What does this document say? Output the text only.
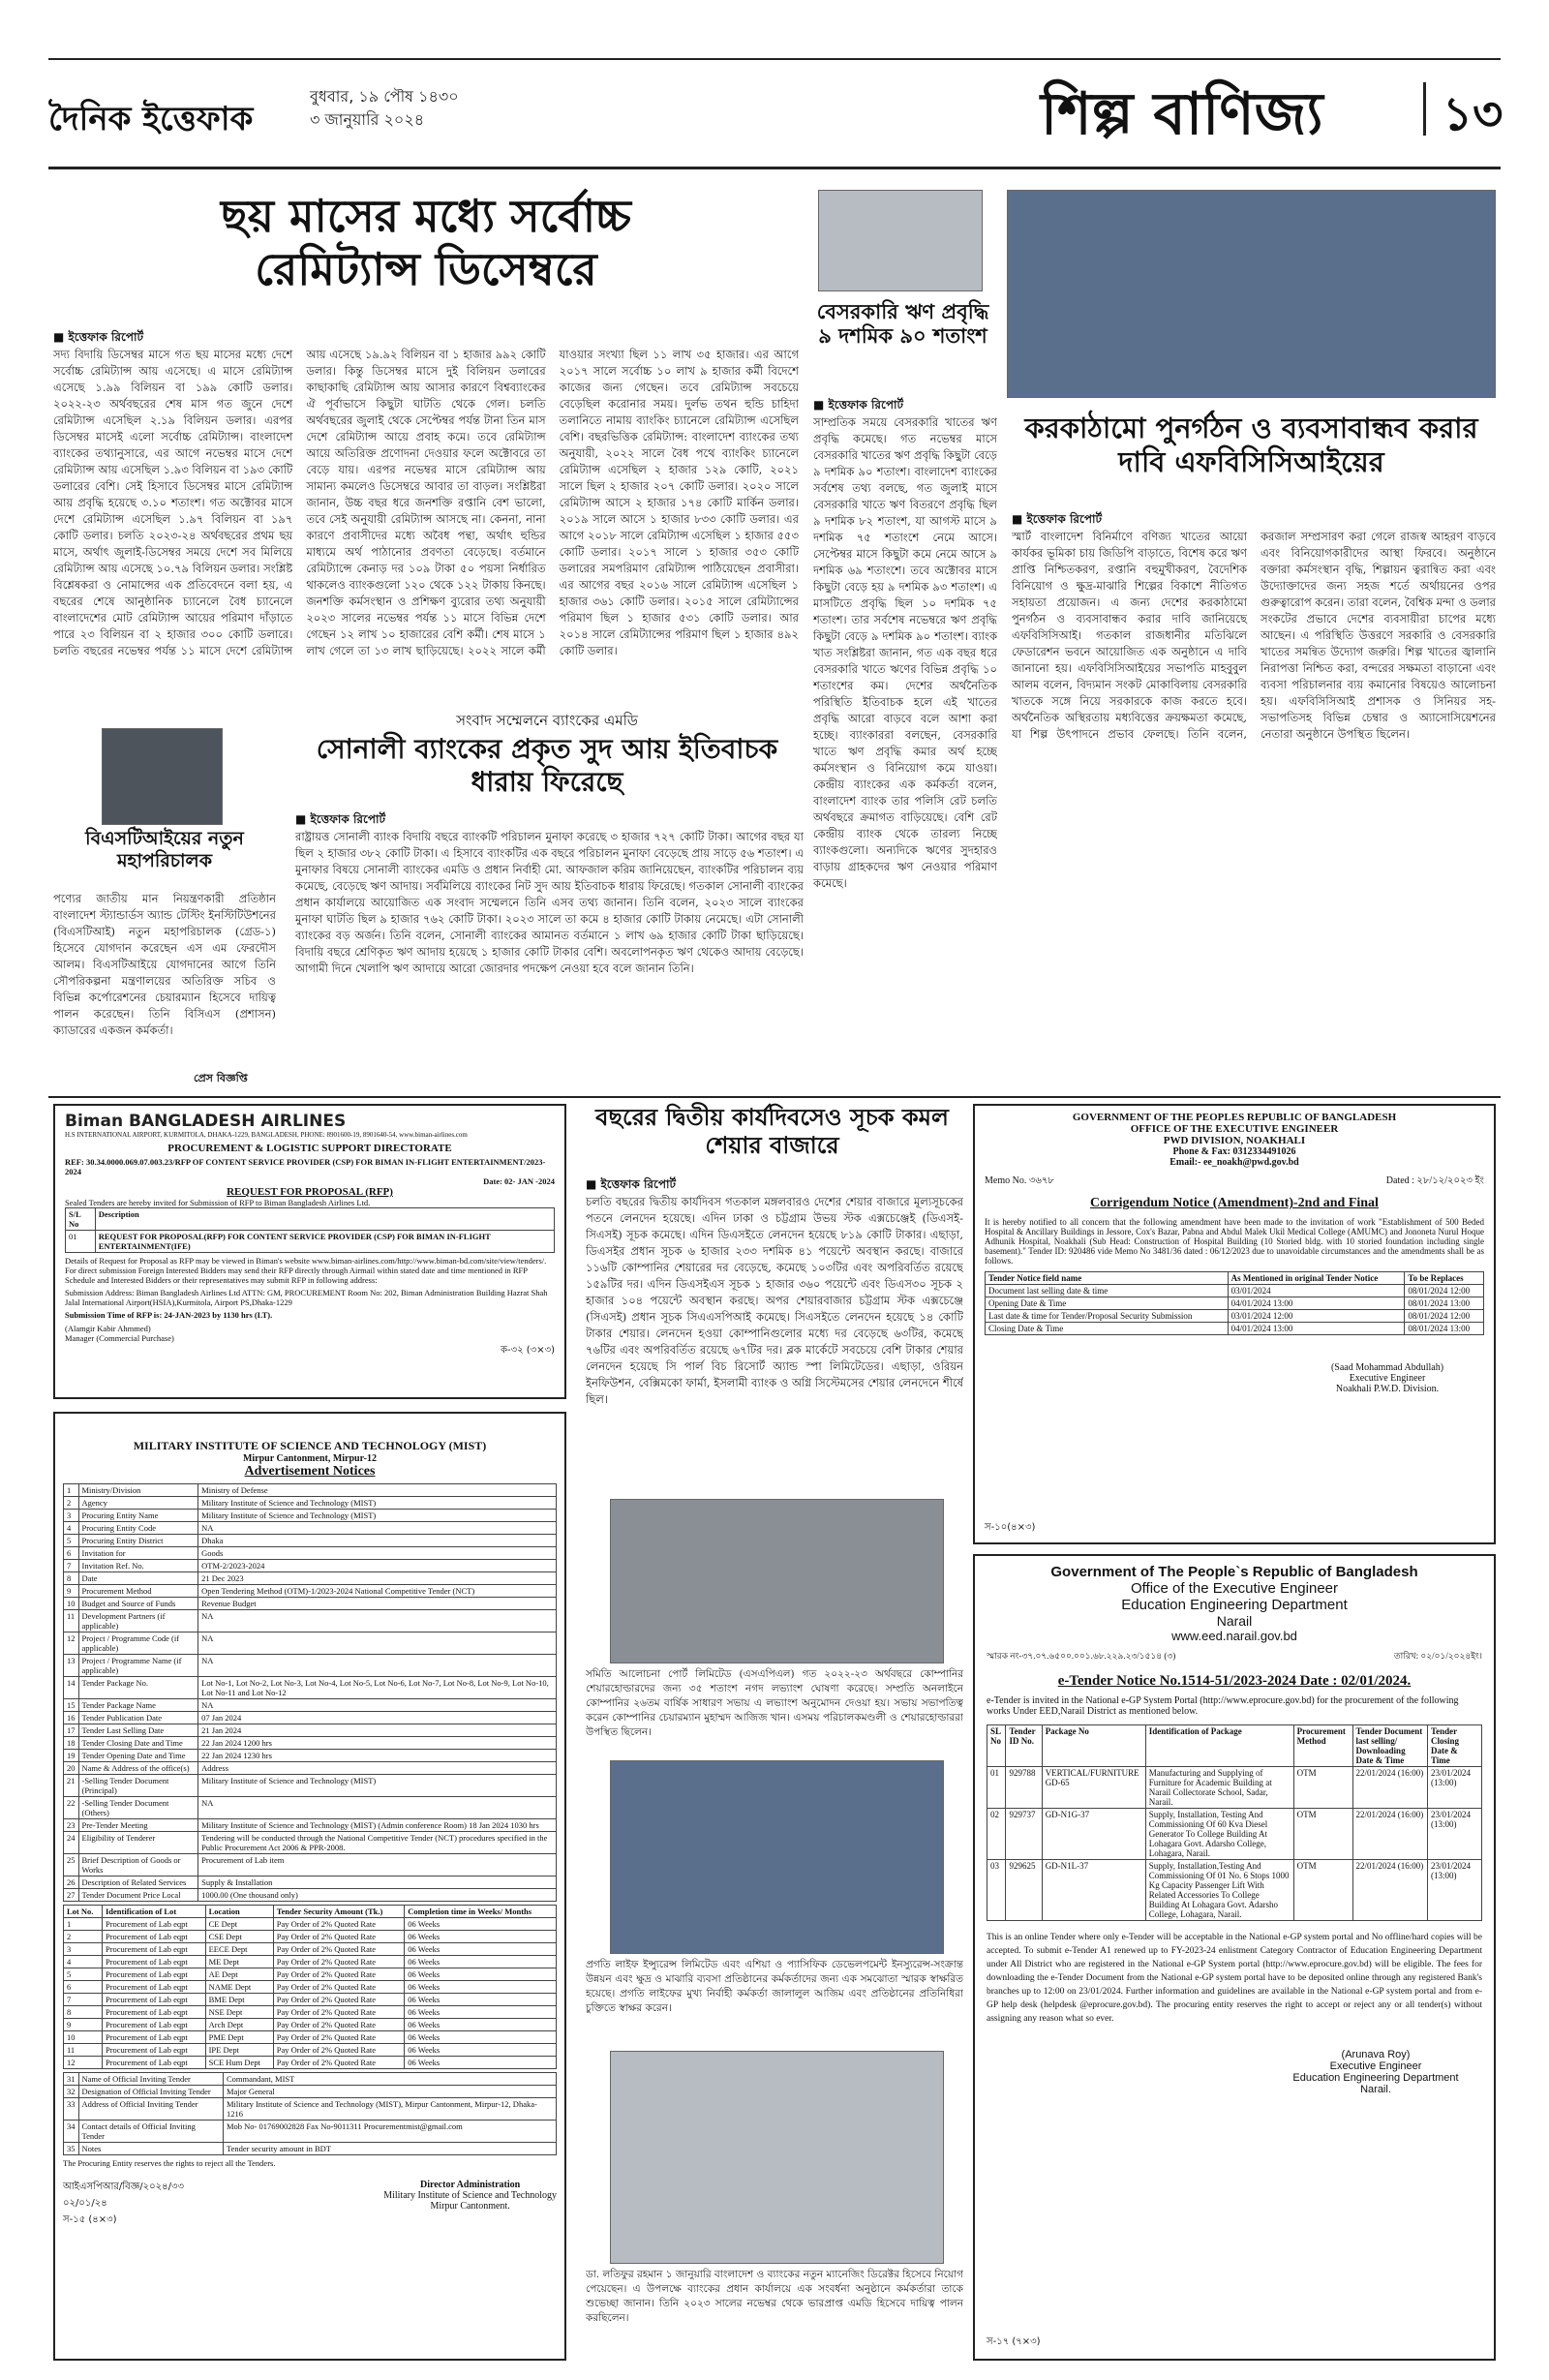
দৈনিক ইত্তেফাক
বুধবার, ১৯ পৌষ ১৪৩০
৩ জানুয়ারি ২০২৪	শিল্প বাণিজ্য	১৩
ছয় মাসের মধ্যে সর্বোচ্চ
রেমিট্যান্স ডিসেম্বরে
■ ইত্তেফাক রিপোর্ট
সদ্য বিদায়ি ডিসেম্বর মাসে গত ছয় মাসের মধ্যে দেশে সর্বোচ্চ রেমিট্যান্স আয় এসেছে। এ মাসে রেমিট্যান্স এসেছে ১.৯৯ বিলিয়ন বা ১৯৯ কোটি ডলার। ২০২২-২৩ অর্থবছরের শেষ মাস গত জুনে দেশে রেমিট্যান্স এসেছিল ২.১৯ বিলিয়ন ডলার। এরপর ডিসেম্বর মাসেই এলো সর্বোচ্চ রেমিট্যান্স। বাংলাদেশ ব্যাংকের তথ্যানুসারে, এর আগে নভেম্বর মাসে দেশে রেমিট্যান্স আয় এসেছিল ১.৯৩ বিলিয়ন বা ১৯৩ কোটি ডলারের বেশি। সেই হিসাবে ডিসেম্বর মাসে রেমিট্যান্স আয় প্রবৃদ্ধি হয়েছে ৩.১০ শতাংশ। গত অক্টোবর মাসে দেশে রেমিট্যান্স এসেছিল ১.৯৭ বিলিয়ন বা ১৯৭ কোটি ডলার। চলতি ২০২৩-২৪ অর্থবছরের প্রথম ছয় মাসে, অর্থাৎ জুলাই-ডিসেম্বর সময়ে দেশে সব মিলিয়ে রেমিট্যান্স আয় এসেছে ১০.৭৯ বিলিয়ন ডলার। সংশ্লিষ্ট বিশ্লেষকরা ও নোমান্সের এক প্রতিবেদনে বলা হয়, এ বছরের শেষে আনুষ্ঠানিক চ্যানেলে বৈধ চ্যানেলে বাংলাদেশের মোট রেমিট্যান্স আয়ের পরিমাণ দাঁড়াতে পারে ২৩ বিলিয়ন বা ২ হাজার ৩০০ কোটি ডলারে। চলতি বছরের নভেম্বর পর্যন্ত ১১ মাসে দেশে রেমিট্যান্স আয় এসেছে ১৯.৯২ বিলিয়ন বা ১ হাজার ৯৯২ কোটি ডলার। কিন্তু ডিসেম্বর মাসে দুই বিলিয়ন ডলারের কাছাকাছি রেমিট্যান্স আয় আসার কারণে বিশ্বব্যাংকের ঐ পূর্বাভাসে কিছুটা ঘাটতি থেকে গেল। চলতি অর্থবছরের জুলাই থেকে সেপ্টেম্বর পর্যন্ত টানা তিন মাস দেশে রেমিট্যান্স আয়ে প্রবাহ কমে। তবে রেমিট্যান্স আয়ে অতিরিক্ত প্রণোদনা দেওয়ার ফলে অক্টোবরে তা বেড়ে যায়। এরপর নভেম্বর মাসে রেমিট্যান্স আয় সামান্য কমলেও ডিসেম্বরে আবার তা বাড়ল। সংশ্লিষ্টরা জানান, উচ্চ বছর ধরে জনশক্তি রপ্তানি বেশ ভালো, তবে সেই অনুযায়ী রেমিট্যান্স আসছে না। কেননা, নানা কারণে প্রবাসীদের মধ্যে অবৈধ পন্থা, অর্থাৎ হুন্ডির মাধ্যমে অর্থ পাঠানোর প্রবণতা বেড়েছে। বর্তমানে রেমিট্যান্সে কেনাড় দর ১০৯ টাকা ৫০ পয়সা নির্ধারিত থাকলেও ব্যাংকগুলো ১২০ থেকে ১২২ টাকায় কিনছে। জনশক্তি কর্মসংস্থান ও প্রশিক্ষণ ব্যুরোর তথ্য অনুযায়ী ২০২৩ সালের নভেম্বর পর্যন্ত ১১ মাসে বিভিন্ন দেশে গেছেন ১২ লাখ ১০ হাজারের বেশি কর্মী। শেষ মাসে ১ লাখ গেলে তা ১৩ লাখ ছাড়িয়েছে। ২০২২ সালে কর্মী যাওয়ার সংখ্যা ছিল ১১ লাখ ৩৫ হাজার। এর আগে ২০১৭ সালে সর্বোচ্চ ১০ লাখ ৯ হাজার কর্মী বিদেশে কাজের জন্য গেছেন। তবে রেমিট্যান্স সবচেয়ে বেড়েছিল করোনার সময়। দুর্লভ তথন হুন্ডি চাহিদা তলানিতে নামায় ব্যাংকিং চ্যানেলে রেমিট্যান্স এসেছিল বেশি। বছরভিত্তিক রেমিট্যান্স: বাংলাদেশ ব্যাংকের তথ্য অনুযায়ী, ২০২২ সালে বৈধ পথে ব্যাংকিং চ্যানেলে রেমিট্যান্স এসেছিল ২ হাজার ১২৯ কোটি, ২০২১ সালে ছিল ২ হাজার ২০৭ কোটি ডলার। ২০২০ সালে রেমিট্যান্স আসে ২ হাজার ১৭৪ কোটি মার্কিন ডলার। ২০১৯ সালে আসে ১ হাজার ৮৩৩ কোটি ডলার। এর আগে ২০১৮ সালে রেমিট্যান্স এসেছিল ১ হাজার ৫৫৩ কোটি ডলার। ২০১৭ সালে ১ হাজার ৩৫৩ কোটি ডলারের সমপরিমাণ রেমিট্যান্স পাঠিয়েছেন প্রবাসীরা। এর আগের বছর ২০১৬ সালে রেমিট্যান্স এসেছিল ১ হাজার ৩৬১ কোটি ডলার। ২০১৫ সালে রেমিট্যান্সের পরিমাণ ছিল ১ হাজার ৫৩১ কোটি ডলার। আর ২০১৪ সালে রেমিট্যান্সের পরিমাণ ছিল ১ হাজার ৪৯২ কোটি ডলার।
বেসরকারি ঋণ প্রবৃদ্ধি ৯ দশমিক ৯০ শতাংশ
■ ইত্তেফাক রিপোর্ট
সাম্প্রতিক সময়ে বেসরকারি খাতের ঋণ প্রবৃদ্ধি কমেছে। গত নভেম্বর মাসে বেসরকারি খাতের ঋণ প্রবৃদ্ধি কিছুটা বেড়ে ৯ দশমিক ৯০ শতাংশ। বাংলাদেশ ব্যাংকের সর্বশেষ তথ্য বলছে, গত জুলাই মাসে বেসরকারি খাতে ঋণ বিতরণে প্রবৃদ্ধি ছিল ৯ দশমিক ৮২ শতাংশ, যা আগস্ট মাসে ৯ দশমিক ৭৫ শতাংশে নেমে আসে। সেপ্টেম্বর মাসে কিছুটা কমে নেমে আসে ৯ দশমিক ৬৯ শতাংশে। তবে অক্টোবর মাসে কিছুটা বেড়ে হয় ৯ দশমিক ৯৩ শতাংশ। এ মাসটিতে প্রবৃদ্ধি ছিল ১০ দশমিক ৭৫ শতাংশ। তার সর্বশেষ নভেম্বরে ঋণ প্রবৃদ্ধি কিছুটা বেড়ে ৯ দশমিক ৯০ শতাংশ। ব্যাংক খাত সংশ্লিষ্টরা জানান, গত এক বছর ধরে বেসরকারি খাতে ঋণের বিভিন্ন প্রবৃদ্ধি ১০ শতাংশের কম। দেশের অর্থনৈতিক পরিস্থিতি ইতিবাচক হলে এই খাতের প্রবৃদ্ধি আরো বাড়বে বলে আশা করা হচ্ছে। ব্যাংকাররা বলছেন, বেসরকারি খাতে ঋণ প্রবৃদ্ধি কমার অর্থ হচ্ছে কর্মসংস্থান ও বিনিয়োগ কমে যাওয়া। কেন্দ্রীয় ব্যাংকের এক কর্মকর্তা বলেন, বাংলাদেশ ব্যাংক তার পলিসি রেট চলতি অর্থবছরে ক্রমাগত বাড়িয়েছে। বেশি রেট কেন্দ্রীয় ব্যাংক থেকে তারল্য নিচ্ছে ব্যাংকগুলো। অন্যদিকে ঋণের সুদহারও বাড়ায় গ্রাহকদের ঋণ নেওয়ার পরিমাণ কমেছে।
করকাঠামো পুনর্গঠন ও ব্যবসাবান্ধব করার দাবি এফবিসিসিআইয়ের
■ ইত্তেফাক রিপোর্ট
স্মার্ট বাংলাদেশ বিনির্মাণে বণিজ্য খাতের আয়ো কার্যকর ভূমিকা চায় জিডিপি বাড়াতে, বিশেষ করে ঋণ প্রাপ্তি নিশ্চিতকরণ, রপ্তানি বহুমুখীকরণ, বৈদেশিক বিনিয়োগ ও ক্ষুদ্র-মাঝারি শিল্পের বিকাশে নীতিগত সহায়তা প্রয়োজন। এ জন্য দেশের করকাঠামো পুনর্গঠন ও ব্যবসাবান্ধব করার দাবি জানিয়েছে এফবিসিসিআই। গতকাল রাজধানীর মতিঝিলে ফেডারেশন ভবনে আয়োজিত এক অনুষ্ঠানে এ দাবি জানানো হয়। এফবিসিসিআইয়ের সভাপতি মাহবুবুল আলম বলেন, বিদ্যমান সংকট মোকাবিলায় বেসরকারি খাতকে সঙ্গে নিয়ে সরকারকে কাজ করতে হবে। অর্থনৈতিক অস্থিরতায় মধ্যবিত্তের ক্রয়ক্ষমতা কমেছে, যা শিল্প উৎপাদনে প্রভাব ফেলছে। তিনি বলেন, করজাল সম্প্রসারণ করা গেলে রাজস্ব আহরণ বাড়বে এবং বিনিয়োগকারীদের আস্থা ফিরবে। অনুষ্ঠানে বক্তারা কর্মসংস্থান বৃদ্ধি, শিল্পায়ন ত্বরান্বিত করা এবং উদ্যোক্তাদের জন্য সহজ শর্তে অর্থায়নের ওপর গুরুত্বারোপ করেন। তারা বলেন, বৈশ্বিক মন্দা ও ডলার সংকটের প্রভাবে দেশের ব্যবসায়ীরা চাপের মধ্যে আছেন। এ পরিস্থিতি উত্তরণে সরকারি ও বেসরকারি খাতের সমন্বিত উদ্যোগ জরুরি। শিল্প খাতের জ্বালানি নিরাপত্তা নিশ্চিত করা, বন্দরের সক্ষমতা বাড়ানো এবং ব্যবসা পরিচালনার ব্যয় কমানোর বিষয়েও আলোচনা হয়। এফবিসিসিআই প্রশাসক ও সিনিয়র সহ-সভাপতিসহ বিভিন্ন চেম্বার ও অ্যাসোসিয়েশনের নেতারা অনুষ্ঠানে উপস্থিত ছিলেন।
বিএসটিআইয়ের নতুন মহাপরিচালক
পণ্যের জাতীয় মান নিয়ন্ত্রণকারী প্রতিষ্ঠান বাংলাদেশ স্ট্যান্ডার্ডস অ্যান্ড টেস্টিং ইনস্টিটিউশনের (বিএসটিআই) নতুন মহাপরিচালক (গ্রেড-১) হিসেবে যোগদান করেছেন এস এম ফেরদৌস আলম। বিএসটিআইয়ে যোগদানের আগে তিনি সৌপরিকল্পনা মন্ত্রণালয়ের অতিরিক্ত সচিব ও বিভিন্ন কর্পোরেশনের চেয়ারম্যান হিসেবে দায়িত্ব পালন করেছেন। তিনি বিসিএস (প্রশাসন) ক্যাডারের একজন কর্মকর্তা।
প্রেস বিজ্ঞপ্তি
সংবাদ সম্মেলনে ব্যাংকের এমডি
সোনালী ব্যাংকের প্রকৃত সুদ আয় ইতিবাচক ধারায় ফিরেছে
■ ইত্তেফাক রিপোর্ট
রাষ্ট্রায়ত্ত সোনালী ব্যাংক বিদায়ি বছরে ব্যাংকটি পরিচালন মুনাফা করেছে ৩ হাজার ৭২৭ কোটি টাকা। আগের বছর যা ছিল ২ হাজার ৩৮২ কোটি টাকা। এ হিসাবে ব্যাংকটির এক বছরে পরিচালন মুনাফা বেড়েছে প্রায় সাড়ে ৫৬ শতাংশ। এ মুনাফার বিষয়ে সোনালী ব্যাংকের এমডি ও প্রধান নির্বাহী মো. আফজাল করিম জানিয়েছেন, ব্যাংকটির পরিচালন ব্যয় কমেছে, বেড়েছে ঋণ আদায়। সর্বমিলিয়ে ব্যাংকের নিট সুদ আয় ইতিবাচক ধারায় ফিরেছে। গতকাল সোনালী ব্যাংকের প্রধান কার্যালয়ে আয়োজিত এক সংবাদ সম্মেলনে তিনি এসব তথ্য জানান। তিনি বলেন, ২০২৩ সালে ব্যাংকের মুনাফা ঘাটতি ছিল ৯ হাজার ৭৬২ কোটি টাকা। ২০২৩ সালে তা কমে ৪ হাজার কোটি টাকায় নেমেছে। এটা সোনালী ব্যাংকের বড় অর্জন। তিনি বলেন, সোনালী ব্যাংকের আমানত বর্তমানে ১ লাখ ৬৯ হাজার কোটি টাকা ছাড়িয়েছে। বিদায়ি বছরে শ্রেণিকৃত ঋণ আদায় হয়েছে ১ হাজার কোটি টাকার বেশি। অবলোপনকৃত ঋণ থেকেও আদায় বেড়েছে। আগামী দিনে খেলাপি ঋণ আদায়ে আরো জোরদার পদক্ষেপ নেওয়া হবে বলে জানান তিনি।
Biman BANGLADESH AIRLINES
H.S INTERNATIONAL AIRPORT, KURMITOLA, DHAKA-1229, BANGLADESH, PHONE: 8901600-19, 8901640-54, www.biman-airlines.com
PROCUREMENT & LOGISTIC SUPPORT DIRECTORATE
REF: 30.34.0000.069.07.003.23/RFP OF CONTENT SERVICE PROVIDER (CSP) FOR BIMAN IN-FLIGHT ENTERTAINMENT/2023-2024
Date: 02- JAN -2024
REQUEST FOR PROPOSAL (RFP)
Sealed Tenders are hereby invited for Submission of RFP to Biman Bangladesh Airlines Ltd.
S/L No	Description
01	REQUEST FOR PROPOSAL(RFP) FOR CONTENT SERVICE PROVIDER (CSP) FOR BIMAN IN-FLIGHT ENTERTAINMENT(IFE)
Details of Request for Proposal as RFP may be viewed in Biman's website www.biman-airlines.com/http://www.biman-bd.com/site/view/tenders/. For direct submission Foreign Interested Bidders may send their RFP directly through Airmail within stated date and time mentioned in RFP Schedule and Interested Bidders or their representatives may submit RFP in following address:
Submission Address: Biman Bangladesh Airlines Ltd ATTN: GM, PROCUREMENT Room No: 202, Biman Administration Building Hazrat Shah Jalal International Airport(HSIA),Kurmitola, Airport PS,Dhaka-1229
Submission Time of RFP is: 24-JAN-2023 by 1130 hrs (LT).
(Alamgir Kabir Ahmmed)
Manager (Commercial Purchase)
ক-৩২ (৩×৩)
MILITARY INSTITUTE OF SCIENCE AND TECHNOLOGY (MIST)
Mirpur Cantonment, Mirpur-12
Advertisement Notices
1	Ministry/Division	Ministry of Defense
2	Agency	Military Institute of Science and Technology (MIST)
3	Procuring Entity Name	Military Institute of Science and Technology (MIST)
4	Procuring Entity Code	NA
5	Procuring Entity District	Dhaka
6	Invitation for	Goods
7	Invitation Ref. No.	OTM-2/2023-2024
8	Date	21 Dec 2023
9	Procurement Method	Open Tendering Method (OTM)-1/2023-2024 National Competitive Tender (NCT)
10	Budget and Source of Funds	Revenue Budget
11	Development Partners (if applicable)	NA
12	Project / Programme Code (if applicable)	NA
13	Project / Programme Name (if applicable)	NA
14	Tender Package No.	Lot No-1, Lot No-2, Lot No-3, Lot No-4, Lot No-5, Lot No-6, Lot No-7, Lot No-8, Lot No-9, Lot No-10, Lot No-11 and Lot No-12
15	Tender Package Name	NA
16	Tender Publication Date	07 Jan 2024
17	Tender Last Selling Date	21 Jan 2024
18	Tender Closing Date and Time	22 Jan 2024 1200 hrs
19	Tender Opening Date and Time	22 Jan 2024 1230 hrs
20	Name & Address of the office(s)	Address
21	-Selling Tender Document (Principal)	Military Institute of Science and Technology (MIST)
22	-Selling Tender Document (Others)	NA
23	Pre-Tender Meeting	Military Institute of Science and Technology (MIST) (Admin conference Room) 18 Jan 2024 1030 hrs
24	Eligibility of Tenderer	Tendering will be conducted through the National Competitive Tender (NCT) procedures specified in the Public Procurement Act 2006 & PPR-2008.
25	Brief Description of Goods or Works	Procurement of Lab item
26	Description of Related Services	Supply & Installation
27	Tender Document Price Local	1000.00 (One thousand only)
Lot No.	Identification of Lot	Location	Tender Security Amount (Tk.)	Completion time in Weeks/ Months
1	Procurement of Lab eqpt	CE Dept	Pay Order of 2% Quoted Rate	06 Weeks
2	Procurement of Lab eqpt	CSE Dept	Pay Order of 2% Quoted Rate	06 Weeks
3	Procurement of Lab eqpt	EECE Dept	Pay Order of 2% Quoted Rate	06 Weeks
4	Procurement of Lab eqpt	ME Dept	Pay Order of 2% Quoted Rate	06 Weeks
5	Procurement of Lab eqpt	AE Dept	Pay Order of 2% Quoted Rate	06 Weeks
6	Procurement of Lab eqpt	NAME Dept	Pay Order of 2% Quoted Rate	06 Weeks
7	Procurement of Lab eqpt	BME Dept	Pay Order of 2% Quoted Rate	06 Weeks
8	Procurement of Lab eqpt	NSE Dept	Pay Order of 2% Quoted Rate	06 Weeks
9	Procurement of Lab eqpt	Arch Dept	Pay Order of 2% Quoted Rate	06 Weeks
10	Procurement of Lab eqpt	PME Dept	Pay Order of 2% Quoted Rate	06 Weeks
11	Procurement of Lab eqpt	IPE Dept	Pay Order of 2% Quoted Rate	06 Weeks
12	Procurement of Lab eqpt	SCE Hum Dept	Pay Order of 2% Quoted Rate	06 Weeks
31	Name of Official Inviting Tender	Commandant, MIST
32	Designation of Official Inviting Tender	Major General
33	Address of Official Inviting Tender	Military Institute of Science and Technology (MIST), Mirpur Cantonment, Mirpur-12, Dhaka-1216
34	Contact details of Official Inviting Tender	Mob No- 01769002828 Fax No-9011311 Procurementmist@gmail.com
35	Notes	Tender security amount in BDT
The Procuring Entity reserves the rights to reject all the Tenders.
আইএসপিআর/বিজ্ঞ/২০২৪/৩৩
০২/০১/২৪
Director Administration
Military Institute of Science and Technology
Mirpur Cantonment.
স-১৫ (৪×৩)
বছরের দ্বিতীয় কার্যদিবসেও সূচক কমল শেয়ার বাজারে
■ ইত্তেফাক রিপোর্ট
চলতি বছরের দ্বিতীয় কার্যদিবস গতকাল মঙ্গলবারও দেশের শেয়ার বাজারে মূল্যসূচকের পতনে লেনদেন হয়েছে। এদিন ঢাকা ও চট্টগ্রাম উভয় স্টক এক্সচেঞ্জেই (ডিএসই-সিএসই) সূচক কমেছে। এদিন ডিএসইতে লেনদেন হয়েছে ৮১৯ কোটি টাকার। এছাড়া, ডিএসইর প্রধান সূচক ৬ হাজার ২৩৩ দশমিক ৪১ পয়েন্টে অবস্থান করছে। বাজারে ১১৬টি কোম্পানির শেয়ারের দর বেড়েছে, কমেছে ১০৩টির এবং অপরিবর্তিত রয়েছে ১৫৯টির দর। এদিন ডিএসইএস সূচক ১ হাজার ৩৬০ পয়েন্টে এবং ডিএস৩০ সূচক ২ হাজার ১০৪ পয়েন্টে অবস্থান করছে। অপর শেয়ারবাজার চট্টগ্রাম স্টক এক্সচেঞ্জে (সিএসই) প্রধান সূচক সিএএসপিআই কমেছে। সিএসইতে লেনদেন হয়েছে ১৪ কোটি টাকার শেয়ার। লেনদেন হওয়া কোম্পানিগুলোর মধ্যে দর বেড়েছে ৬৩টির, কমেছে ৭৬টির এবং অপরিবর্তিত রয়েছে ৬৭টির দর। ব্লক মার্কেটে সবচেয়ে বেশি টাকার শেয়ার লেনদেন হয়েছে সি পার্ল বিচ রিসোর্ট অ্যান্ড স্পা লিমিটেডের। এছাড়া, ওরিয়ন ইনফিউশন, বেক্সিমকো ফার্মা, ইসলামী ব্যাংক ও অগ্নি সিস্টেমসের শেয়ার লেনদেনে শীর্ষে ছিল।
সমিতি আলোচনা পোর্ট লিমিটেড (এসএপিএল) গত ২০২২-২৩ অর্থবছরে কোম্পানির শেয়ারহোল্ডারদের জন্য ৩৫ শতাংশ নগদ লভ্যাংশ ঘোষণা করেছে। সম্প্রতি অনলাইনে কোম্পানির ২৬তম বার্ষিক সাধারণ সভায় এ লভ্যাংশ অনুমোদন দেওয়া হয়। সভায় সভাপতিত্ব করেন কোম্পানির চেয়ারম্যান মুহাম্মদ আজিজ খান। এসময় পরিচালকমণ্ডলী ও শেয়ারহোল্ডাররা উপস্থিত ছিলেন।
প্রগতি লাইফ ইন্স্যুরেন্স লিমিটেড এবং এশিয়া ও প্যাসিফিক ডেভেলপমেন্ট ইনস্যুরেন্স-সংক্রান্ত উন্নয়ন এবং ক্ষুদ্র ও মাঝারি ব্যবসা প্রতিষ্ঠানের কর্মকর্তাদের জন্য এক সমঝোতা স্মারক স্বাক্ষরিত হয়েছে। প্রগতি লাইফের মুখ্য নির্বাহী কর্মকর্তা জালালুল আজিম এবং প্রতিষ্ঠানের প্রতিনিধিরা চুক্তিতে স্বাক্ষর করেন।
ডা. লতিফুর রহমান ১ জানুয়ারি বাংলাদেশ ও ব্যাংকের নতুন ম্যানেজিং ডিরেক্টর হিসেবে নিয়োগ পেয়েছেন। এ উপলক্ষে ব্যাংকের প্রধান কার্যালয়ে এক সংবর্ধনা অনুষ্ঠানে কর্মকর্তারা তাকে শুভেচ্ছা জানান। তিনি ২০২৩ সালের নভেম্বর থেকে ভারপ্রাপ্ত এমডি হিসেবে দায়িত্ব পালন করছিলেন।
GOVERNMENT OF THE PEOPLES REPUBLIC OF BANGLADESH
OFFICE OF THE EXECUTIVE ENGINEER
PWD DIVISION, NOAKHALI
Phone & Fax: 0312334491026
Email:- ee_noakh@pwd.gov.bd
Memo No. ৩৬৭৮	Dated : ২৮/১২/২০২৩ ইং
Corrigendum Notice (Amendment)-2nd and Final
It is hereby notified to all concern that the following amendment have been made to the invitation of work "Establishment of 500 Beded Hospital & Ancillary Buildings in Jessore, Cox's Bazar, Pabna and Abdul Malek Ukil Medical College (AMUMC) and Jononeta Nurul Hoque Adhunik Hospital, Noakhali (Sub Head: Construction of Hospital Building (10 Storied bldg. with 10 storied foundation including single basement)." Tender ID: 920486 vide Memo No 3481/36 dated : 06/12/2023 due to unavoidable circumstances and the amendments shall be as follows.
Tender Notice field name	As Mentioned in original Tender Notice	To be Replaces
Document last selling date & time	03/01/2024	08/01/2024 12:00
Opening Date & Time	04/01/2024 13:00	08/01/2024 13:00
Last date & time for Tender/Proposal Security Submission	03/01/2024 12:00	08/01/2024 12:00
Closing Date & Time	04/01/2024 13:00	08/01/2024 13:00
(Saad Mohammad Abdullah)
Executive Engineer
Noakhali P.W.D. Division.
স-১০(৪×৩)
Government of The People`s Republic of Bangladesh
Office of the Executive Engineer
Education Engineering Department
Narail
www.eed.narail.gov.bd
স্মারক নং-৩৭.০৭.৬৫০০.০০১.৬৮.২২৯.২৩/১৫১৪ (৩)	তারিখ: ০২/০১/২০২৪ইং।
e-Tender Notice No.1514-51/2023-2024 Date : 02/01/2024.
e-Tender is invited in the National e-GP System Portal (http://www.eprocure.gov.bd) for the procurement of the following works Under EED,Narail District as mentioned below.
SL No	Tender ID No.	Package No	Identification of Package	Procurement Method	Tender Document last selling/ Downloading Date & Time	Tender Closing Date & Time
01	929788	VERTICAL/FURNITURE GD-65	Manufacturing and Supplying of Furniture for Academic Building at Narail Collectorate School, Sadar, Narail.	OTM	22/01/2024 (16:00)	23/01/2024 (13:00)
02	929737	GD-N1G-37	Supply, Installation, Testing And Commissioning Of 60 Kva Diesel Generator To College Building At Lohagara Govt. Adarsho College, Lohagara, Narail.	OTM	22/01/2024 (16:00)	23/01/2024 (13:00)
03	929625	GD-N1L-37	Supply, Installation,Testing And Commissioning Of 01 No. 6 Stops 1000 Kg Capacity Passenger Lift With Related Accessories To College Building At Lohagara Govt. Adarsho College, Lohagara, Narail.	OTM	22/01/2024 (16:00)	23/01/2024 (13:00)
This is an online Tender where only e-Tender will be acceptable in the National e-GP system portal and No offline/hard copies will be accepted. To submit e-Tender A1 renewed up to FY-2023-24 enlistment Category Contractor of Education Engineering Department under All District who are registered in the National e-GP System portal (http://www.eprocure.gov.bd) will be eligible. The fees for downloading the e-Tender Document from the National e-GP system portal have to be deposited online through any registered Bank's branches up to 12:00 on 23/01/2024. Further information and guidelines are available in the National e-GP system portal and from e-GP help desk (helpdesk @eprocure.gov.bd). The procuring entity reserves the right to accept or reject any or all tender(s) without assigning any reason what so ever.
(Arunava Roy)
Executive Engineer
Education Engineering Department
Narail.
স-১৭ (৭×৩)
